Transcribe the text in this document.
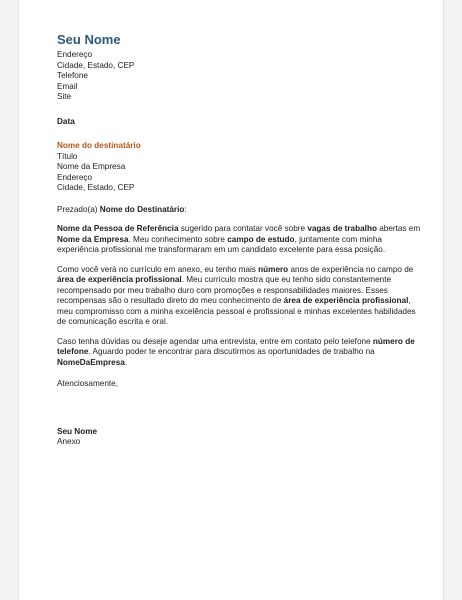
Seu Nome
Endereço
Cidade, Estado, CEP
Telefone
Email
Site
Data
Nome do destinatário
Título
Nome da Empresa
Endereço
Cidade, Estado, CEP

Prezado(a) Nome do Destinatário:

Nome da Pessoa de Referência sugerido para contatar você sobre vagas de trabalho abertas em Nome da Empresa. Meu conhecimento sobre campo de estudo, juntamente com minha experiência profissional me transformaram em um candidato excelente para essa posição.

Como você verá no currículo em anexo, eu tenho mais número anos de experiência no campo de área de experiência profissional. Meu currículo mostra que eu tenho sido constantemente recompensado por meu trabalho duro com promoções e responsabilidades maiores. Esses recompensas são o resultado direto do meu conhecimento de área de experiência profissional, meu compromisso com a minha excelência pessoal e profissional e minhas excelentes habilidades de comunicação escrita e oral.

Caso tenha dúvidas ou deseje agendar uma entrevista, entre em contato pelo telefone número de telefone. Aguardo poder te encontrar para discutirmos as oportunidades de trabalho na NomeDaEmpresa.

Atenciosamente,

Seu Nome
Anexo
